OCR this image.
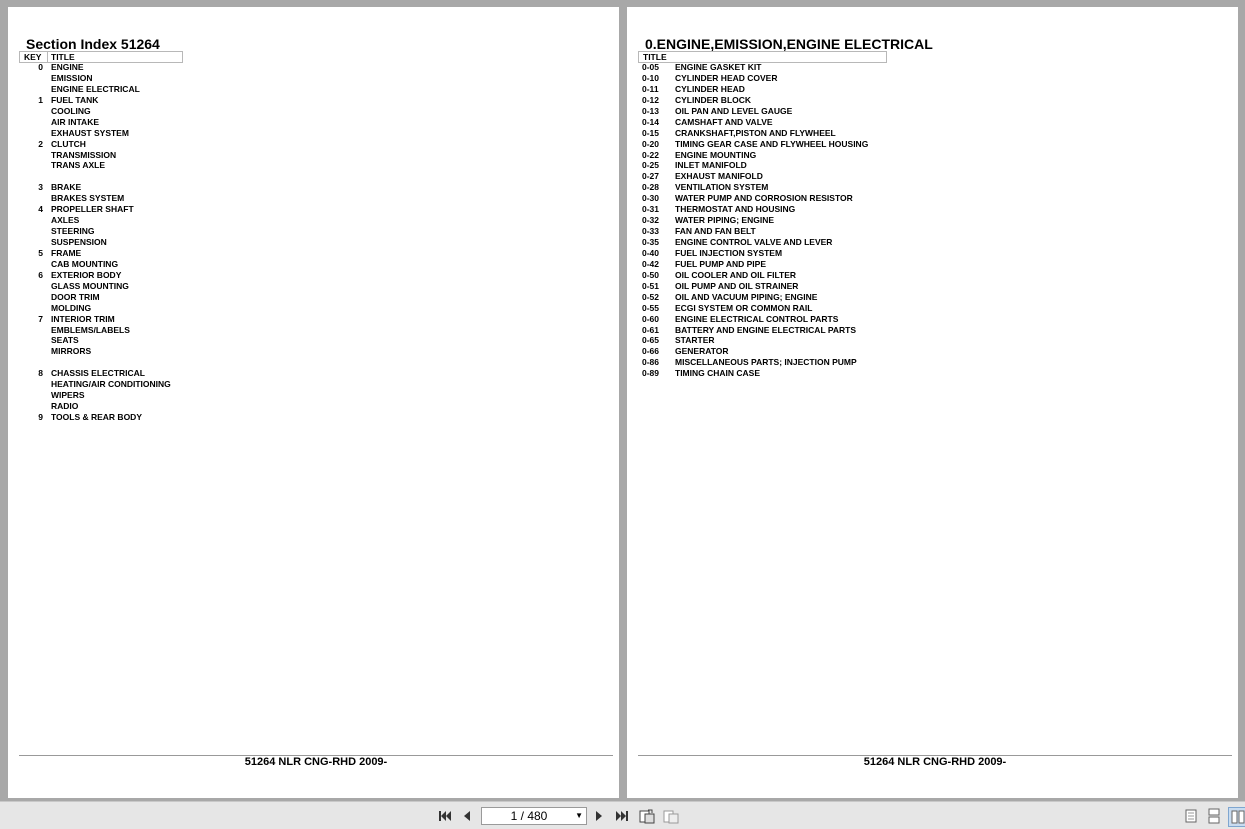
Section Index 51264
KEY TITLE
0 ENGINE
EMISSION
ENGINE ELECTRICAL
1 FUEL TANK
COOLING
AIR INTAKE
EXHAUST SYSTEM
2 CLUTCH
TRANSMISSION
TRANS AXLE
3 BRAKE
BRAKES SYSTEM
4 PROPELLER SHAFT
AXLES
STEERING
SUSPENSION
5 FRAME
CAB MOUNTING
6 EXTERIOR BODY
GLASS MOUNTING
DOOR TRIM
MOLDING
7 INTERIOR TRIM
EMBLEMS/LABELS
SEATS
MIRRORS
8 CHASSIS ELECTRICAL
HEATING/AIR CONDITIONING
WIPERS
RADIO
9 TOOLS & REAR BODY
51264 NLR CNG-RHD 2009-
0.ENGINE,EMISSION,ENGINE ELECTRICAL
TITLE
0-05 ENGINE GASKET KIT
0-10 CYLINDER HEAD COVER
0-11 CYLINDER HEAD
0-12 CYLINDER BLOCK
0-13 OIL PAN AND LEVEL GAUGE
0-14 CAMSHAFT AND VALVE
0-15 CRANKSHAFT,PISTON AND FLYWHEEL
0-20 TIMING GEAR CASE AND FLYWHEEL HOUSING
0-22 ENGINE MOUNTING
0-25 INLET MANIFOLD
0-27 EXHAUST MANIFOLD
0-28 VENTILATION SYSTEM
0-30 WATER PUMP AND CORROSION RESISTOR
0-31 THERMOSTAT AND HOUSING
0-32 WATER PIPING; ENGINE
0-33 FAN AND FAN BELT
0-35 ENGINE CONTROL VALVE AND LEVER
0-40 FUEL INJECTION SYSTEM
0-42 FUEL PUMP AND PIPE
0-50 OIL COOLER AND OIL FILTER
0-51 OIL PUMP AND OIL STRAINER
0-52 OIL AND VACUUM PIPING; ENGINE
0-55 ECGI SYSTEM OR COMMON RAIL
0-60 ENGINE ELECTRICAL CONTROL PARTS
0-61 BATTERY AND ENGINE ELECTRICAL PARTS
0-65 STARTER
0-66 GENERATOR
0-86 MISCELLANEOUS PARTS; INJECTION PUMP
0-89 TIMING CHAIN CASE
51264 NLR CNG-RHD 2009-
1 / 480	▼
